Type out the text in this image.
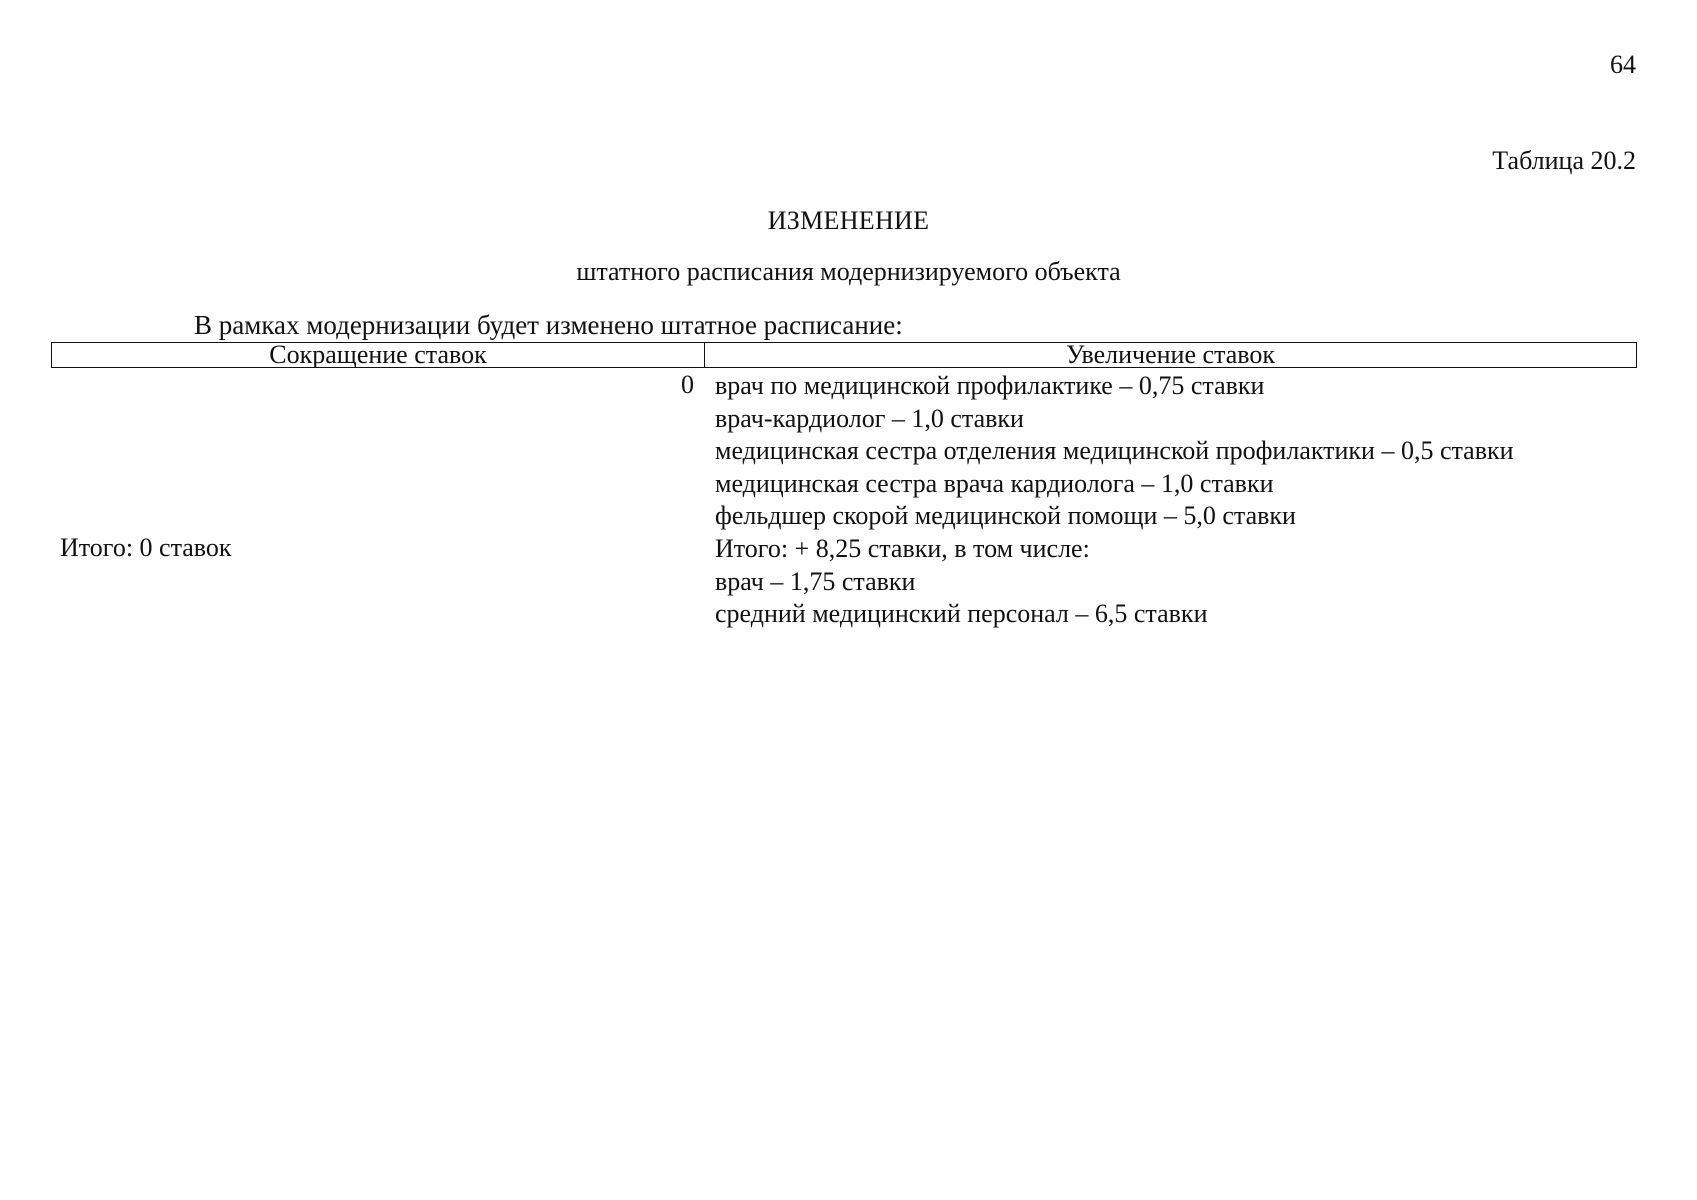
64
Таблица 20.2
ИЗМЕНЕНИЕ
штатного расписания модернизируемого объекта
В рамках модернизации будет изменено штатное расписание:
Сокращение ставок	Увеличение ставок
0
Итого: 0 ставок
врач по медицинской профилактике – 0,75 ставки
врач-кардиолог – 1,0 ставки
медицинская сестра отделения медицинской профилактики – 0,5 ставки
медицинская сестра врача кардиолога – 1,0 ставки
фельдшер скорой медицинской помощи – 5,0 ставки
Итого: + 8,25 ставки, в том числе:
врач – 1,75 ставки
средний медицинский персонал – 6,5 ставки
